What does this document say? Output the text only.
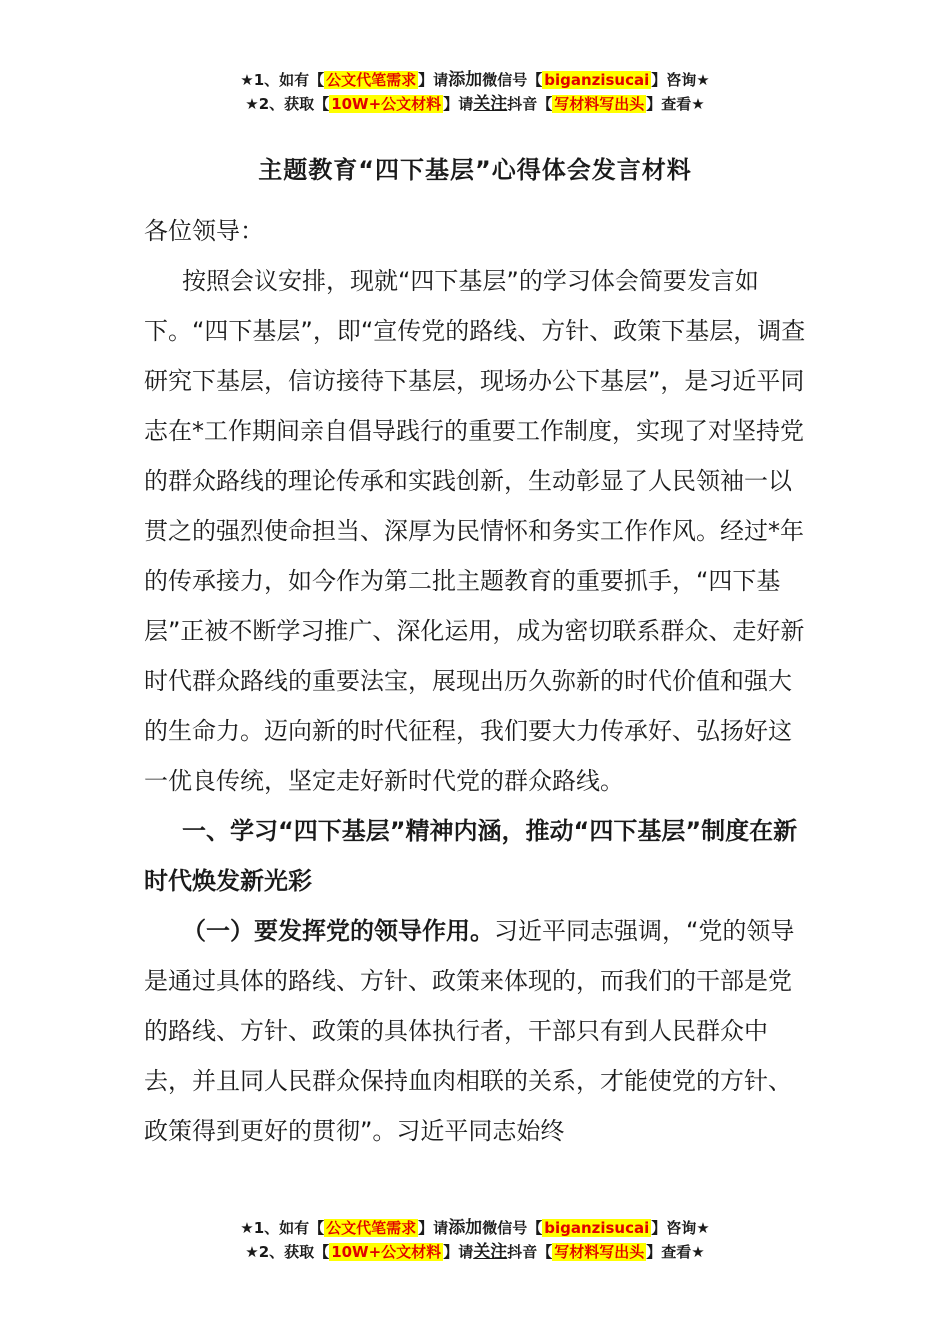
★1、如有【 公文代笔需求 】请添加微信号【 biganzisucai 】咨询★
★2、获取【 10W+公文材料 】请关注抖音【 写材料写出头 】查看★
主题教育“四下基层”心得体会发言材料

各位领导：

按照会议安排，现就“四下基层”的学习体会简要发言如下。“四下基层”，即“宣传党的路线、方针、政策下基层，调查研究下基层，信访接待下基层，现场办公下基层”，是习近平同志在*工作期间亲自倡导践行的重要工作制度，实现了对坚持党的群众路线的理论传承和实践创新，生动彰显了人民领袖一以贯之的强烈使命担当、深厚为民情怀和务实工作作风。经过*年的传承接力，如今作为第二批主题教育的重要抓手，“四下基层”正被不断学习推广、深化运用，成为密切联系群众、走好新时代群众路线的重要法宝，展现出历久弥新的时代价值和强大的生命力。迈向新的时代征程，我们要大力传承好、弘扬好这一优良传统，坚定走好新时代党的群众路线。

一、学习“四下基层”精神内涵，推动“四下基层”制度在新时代焕发新光彩

（一）要发挥党的领导作用。习近平同志强调，“党的领导是通过具体的路线、方针、政策来体现的，而我们的干部是党的路线、方针、政策的具体执行者，干部只有到人民群众中去，并且同人民群众保持血肉相联的关系，才能使党的方针、政策得到更好的贯彻”。习近平同志始终

★1、如有【 公文代笔需求 】请添加微信号【 biganzisucai 】咨询★
★2、获取【 10W+公文材料 】请关注抖音【 写材料写出头 】查看★
